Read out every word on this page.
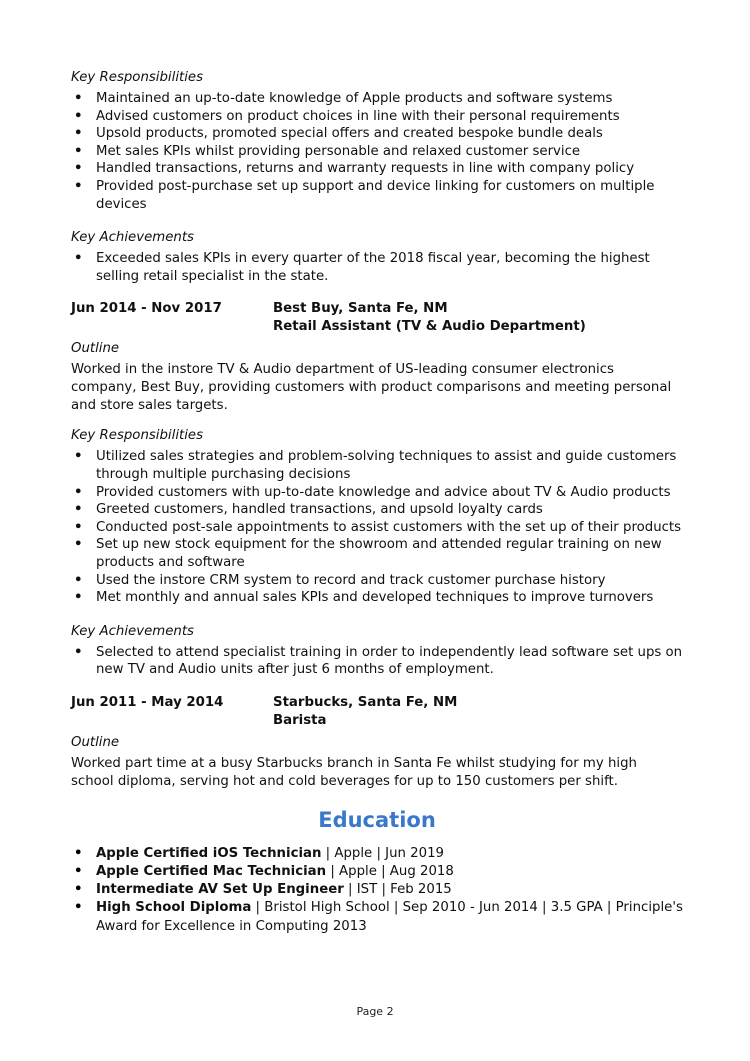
Key Responsibilities
• Maintained an up-to-date knowledge of Apple products and software systems
• Advised customers on product choices in line with their personal requirements
• Upsold products, promoted special offers and created bespoke bundle deals
• Met sales KPIs whilst providing personable and relaxed customer service
• Handled transactions, returns and warranty requests in line with company policy
• Provided post-purchase set up support and device linking for customers on multiple devices
Key Achievements
• Exceeded sales KPIs in every quarter of the 2018 fiscal year, becoming the highest selling retail specialist in the state.
Jun 2014 - Nov 2017	Best Buy, Santa Fe, NM
Retail Assistant (TV & Audio Department)
Outline

Worked in the instore TV & Audio department of US-leading consumer electronics company, Best Buy, providing customers with product comparisons and meeting personal and store sales targets.

Key Responsibilities
• Utilized sales strategies and problem-solving techniques to assist and guide customers through multiple purchasing decisions
• Provided customers with up-to-date knowledge and advice about TV & Audio products
• Greeted customers, handled transactions, and upsold loyalty cards
• Conducted post-sale appointments to assist customers with the set up of their products
• Set up new stock equipment for the showroom and attended regular training on new products and software
• Used the instore CRM system to record and track customer purchase history
• Met monthly and annual sales KPIs and developed techniques to improve turnovers
Key Achievements
• Selected to attend specialist training in order to independently lead software set ups on new TV and Audio units after just 6 months of employment.
Jun 2011 - May 2014	Starbucks, Santa Fe, NM
Barista
Outline

Worked part time at a busy Starbucks branch in Santa Fe whilst studying for my high school diploma, serving hot and cold beverages for up to 150 customers per shift.

Education
• Apple Certified iOS Technician | Apple | Jun 2019
• Apple Certified Mac Technician | Apple | Aug 2018
• Intermediate AV Set Up Engineer | IST | Feb 2015
• High School Diploma | Bristol High School | Sep 2010 - Jun 2014 | 3.5 GPA | Principle's Award for Excellence in Computing 2013
Page 2
